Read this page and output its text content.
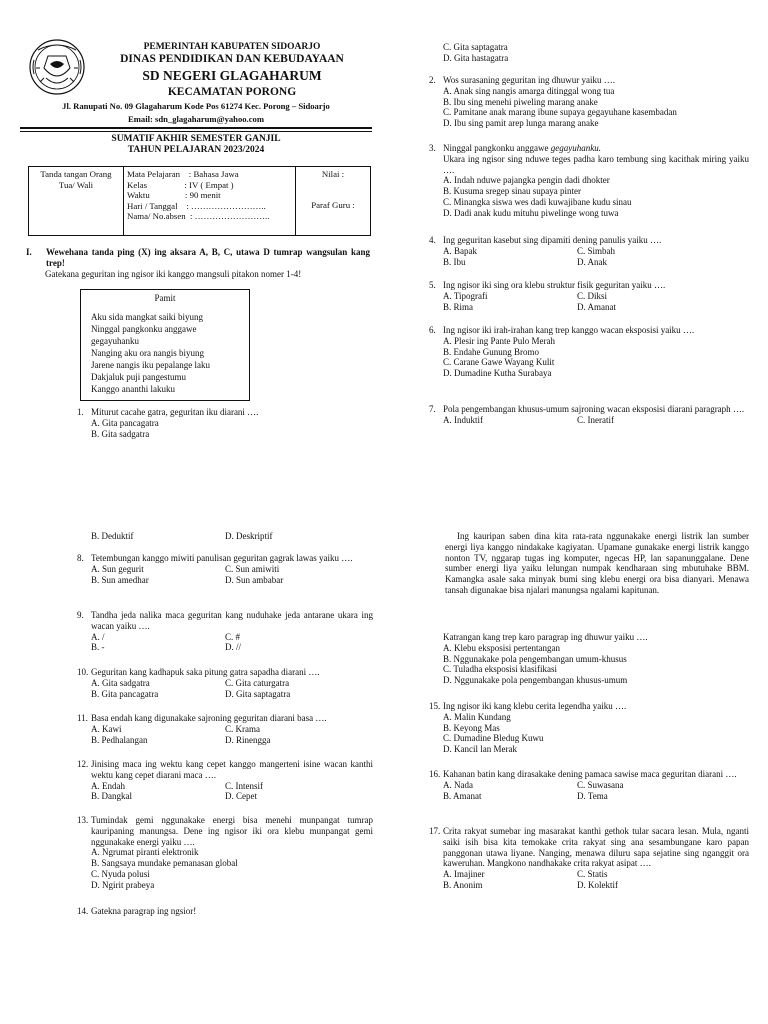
PEMERINTAH KABUPATEN SIDOARJO
DINAS PENDIDIKAN DAN KEBUDAYAAN
SD NEGERI GLAGAHARUM
KECAMATAN PORONG
Jl. Ranupati No. 09 Glagaharum Kode Pos 61274 Kec. Porong – Sidoarjo
Email: sdn_glagaharum@yahoo.com
SUMATIF AKHIR SEMESTER GANJIL
TAHUN PELAJARAN 2023/2024
Tanda tangan Orang Tua/ Wali	
Mata Pelajaran    : Bahasa Jawa
Kelas                 : IV ( Empat )
Waktu                : 90 menit
Hari / Tanggal    : ……………………..
Nama/ No.absen  : ……………………..

Nilai :
Paraf Guru :
I. Wewehana tanda ping (X) ing aksara A, B, C, utawa D tumrap wangsulan kang trep!
Gatekana geguritan ing ngisor iki kanggo mangsuli pitakon nomer 1-4!
Pamit
Aku sida mangkat saiki biyung
Ninggal pangkonku anggawe
gegayuhanku
Nanging aku ora nangis biyung
Jarene nangis iku pepalange laku
Dakjaluk puji pangestumu
Kanggo ananthi lakuku
1. Miturut cacahe gatra, geguritan iku diarani ….
A. Gita pancagatra
B. Gita sadgatra
C. Gita saptagatra
D. Gita hastagatra
2. Wos surasaning geguritan ing dhuwur yaiku ….
A. Anak sing nangis amarga ditinggal wong tua
B. Ibu sing menehi piweling marang anake
C. Pamitane anak marang ibune supaya gegayuhane kasembadan
D. Ibu sing pamit arep lunga marang anake
3. Ninggal pangkonku anggawe gegayuhanku.
Ukara ing ngisor sing nduwe teges padha karo tembung sing kacithak miring yaiku ….
A. Indah nduwe pajangka pengin dadi dhokter
B. Kusuma sregep sinau supaya pinter
C. Minangka siswa wes dadi kuwajibane kudu sinau
D. Dadi anak kudu mituhu piwelinge wong tuwa
4. Ing geguritan kasebut sing dipamiti dening panulis yaiku ….
A. Bapak	C. Simbah
B. Ibu	D. Anak
5. Ing ngisor iki sing ora klebu struktur fisik geguritan yaiku ….
A. Tipografi	C. Diksi
B. Rima	D. Amanat
6. Ing ngisor iki irah-irahan kang trep kanggo wacan eksposisi yaiku ….
A. Plesir ing Pante Pulo Merah
B. Endahe Gunung Bromo
C. Carane Gawe Wayang Kulit
D. Dumadine Kutha Surabaya
7. Pola pengembangan khusus-umum sajroning wacan eksposisi diarani paragraph ….
A. Induktif	C. Ineratif
B. Deduktif	D. Deskriptif
8. Tetembungan kanggo miwiti panulisan geguritan gagrak lawas yaiku ….
A. Sun gegurit	C. Sun amiwiti
B. Sun amedhar	D. Sun ambabar
9. Tandha jeda nalika maca geguritan kang nuduhake jeda antarane ukara ing wacan yaiku ….
A. /	C. #
B. -	D. //
10. Geguritan kang kadhapuk saka pitung gatra sapadha diarani ….
A. Gita sadgatra	C. Gita caturgatra
B. Gita pancagatra	D. Gita saptagatra
11. Basa endah kang digunakake sajroning geguritan diarani basa ….
A. Kawi	C. Krama
B. Pedhalangan	D. Rinengga
12. Jinising maca ing wektu kang cepet kanggo mangerteni isine wacan kanthi wektu kang cepet diarani maca ….
A. Endah	C. Intensif
B. Dangkal	D. Cepet
13. Tumindak gemi nggunakake energi bisa menehi munpangat tumrap kauripaning manungsa. Dene ing ngisor iki ora klebu munpangat gemi nggunakake energi yaiku ….
A. Ngrumat piranti elektronik
B. Sangsaya mundake pemanasan global
C. Nyuda polusi
D. Ngirit prabeya
14. Gatekna paragrap ing ngsior!
Ing kauripan saben dina kita rata-rata nggunakake energi listrik lan sumber energi liya kanggo nindakake kagiyatan. Upamane gunakake energi listrik kanggo nonton TV, nggarap tugas ing komputer, ngecas HP, lan sapanunggalane. Dene sumber energi liya yaiku lelungan numpak kendharaan sing mbutuhake BBM. Kamangka asale saka minyak bumi sing klebu energi ora bisa dianyari. Menawa tansah digunakae bisa njalari manungsa ngalami kapitunan.
Katrangan kang trep karo paragrap ing dhuwur yaiku ….
A. Klebu eksposisi pertentangan
B. Nggunakake pola pengembangan umum-khusus
C. Tuladha eksposisi klasifikasi
D. Nggunakake pola pengembangan khusus-umum
15. Ing ngisor iki kang klebu cerita legendha yaiku ….
A. Malin Kundang
B. Keyong Mas
C. Dumadine Bledug Kuwu
D. Kancil lan Merak
16. Kahanan batin kang dirasakake dening pamaca sawise maca geguritan diarani ….
A. Nada	C. Suwasana
B. Amanat	D. Tema
17. Crita rakyat sumebar ing masarakat kanthi gethok tular sacara lesan. Mula, nganti saiki isih bisa kita temokake crita rakyat sing ana sesambungane karo papan panggonan utawa liyane. Nanging, menawa diluru sapa sejatine sing nganggit ora kaweruhan. Mangkono nandhakake crita rakyat asipat ….
A. Imajiner	C. Statis
B. Anonim	D. Kolektif
